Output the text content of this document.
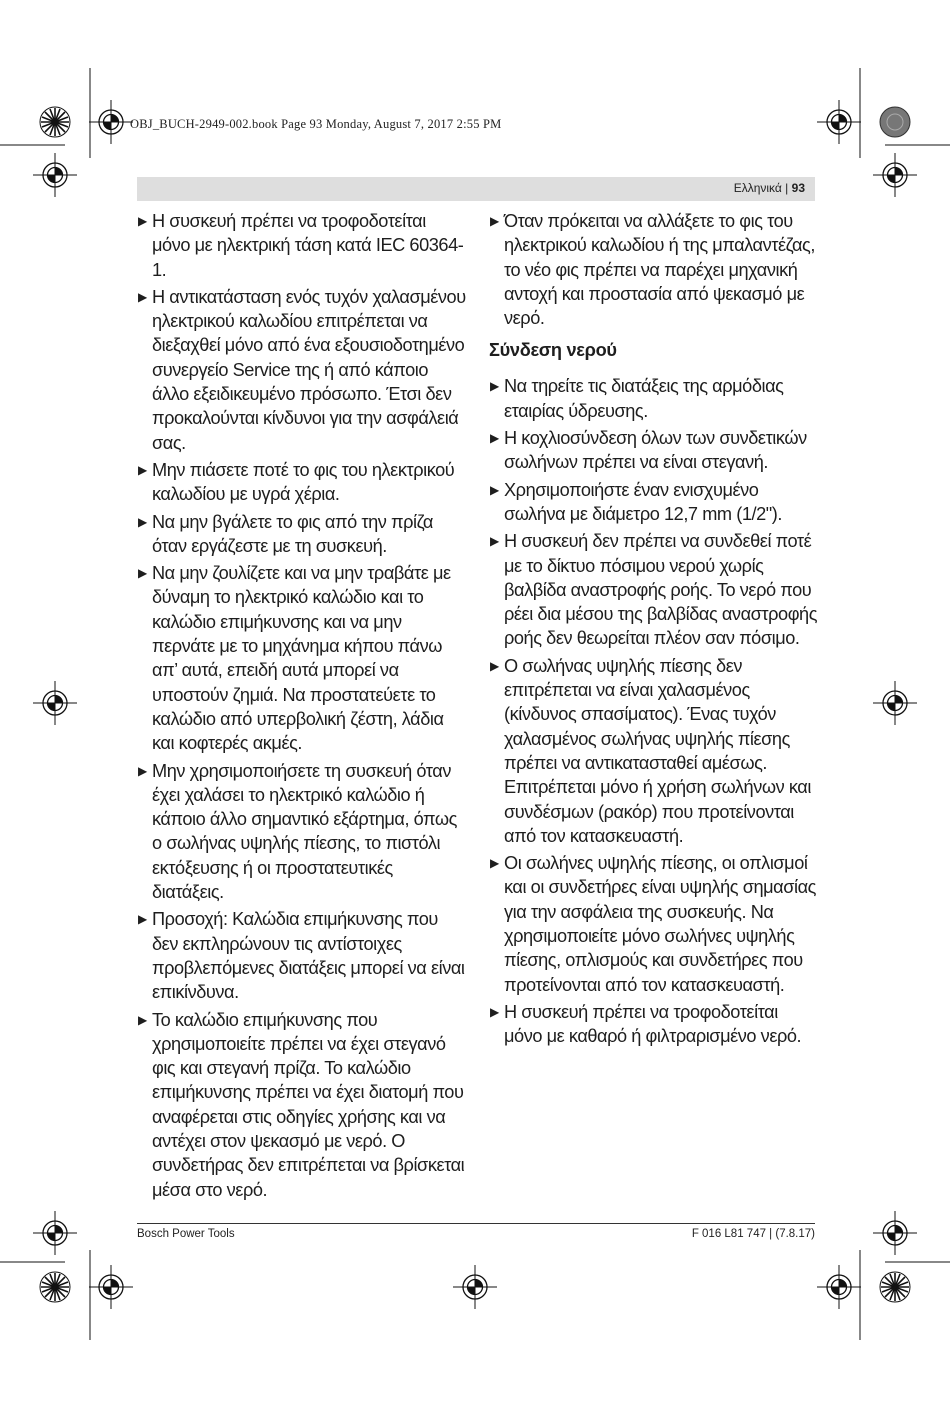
OBJ_BUCH-2949-002.book Page 93 Monday, August 7, 2017 2:55 PM
Ελληνικά | 93
▶ Η συσκευή πρέπει να τροφοδοτείται μόνο με ηλεκτρική τάση κατά IEC 60364-1.
▶ Η αντικατάσταση ενός τυχόν χαλασμένου ηλεκτρικού καλωδίου επιτρέπεται να διεξαχθεί μόνο από ένα εξουσιοδοτημένο συνεργείο Service της ή από κάποιο άλλο εξειδικευμένο πρόσωπο. Έτσι δεν προκαλούνται κίνδυνοι για την ασφάλειά σας.
▶ Μην πιάσετε ποτέ το φις του ηλεκτρικού καλωδίου με υγρά χέρια.
▶ Να μην βγάλετε το φις από την πρίζα όταν εργάζεστε με τη συσκευή.
▶ Να μην ζουλίζετε και να μην τραβάτε με δύναμη το ηλεκτρικό καλώδιο και το καλώδιο επιμήκυνσης και να μην περνάτε με το μηχάνημα κήπου πάνω απ’ αυτά, επειδή αυτά μπορεί να υποστούν ζημιά. Να προστατεύετε το καλώδιο από υπερβολική ζέστη, λάδια και κοφτερές ακμές.
▶ Μην χρησιμοποιήσετε τη συσκευή όταν έχει χαλάσει το ηλεκτρικό καλώδιο ή κάποιο άλλο σημαντικό εξάρτημα, όπως ο σωλήνας υψηλής πίεσης, το πιστόλι εκτόξευσης ή οι προστατευτικές διατάξεις.
▶ Προσοχή: Καλώδια επιμήκυνσης που δεν εκπληρώνουν τις αντίστοιχες προβλεπόμενες διατάξεις μπορεί να είναι επικίνδυνα.
▶ Το καλώδιο επιμήκυνσης που χρησιμοποιείτε πρέπει να έχει στεγανό φις και στεγανή πρίζα. Το καλώδιο επιμήκυνσης πρέπει να έχει διατομή που αναφέρεται στις οδηγίες χρήσης και να αντέχει στον ψεκασμό με νερό. Ο συνδετήρας δεν επιτρέπεται να βρίσκεται μέσα στο νερό.
▶ Όταν πρόκειται να αλλάξετε το φις του ηλεκτρικού καλωδίου ή της μπαλαντέζας, το νέο φις πρέπει να παρέχει μηχανική αντοχή και προστασία από ψεκασμό με νερό.
Σύνδεση νερού
▶ Να τηρείτε τις διατάξεις της αρμόδιας εταιρίας ύδρευσης.
▶ Η κοχλιοσύνδεση όλων των συνδετικών σωλήνων πρέπει να είναι στεγανή.
▶ Χρησιμοποιήστε έναν ενισχυμένο σωλήνα με διάμετρο 12,7 mm (1/2").
▶ Η συσκευή δεν πρέπει να συνδεθεί ποτέ με το δίκτυο πόσιμου νερού χωρίς βαλβίδα αναστροφής ροής. Το νερό που ρέει δια μέσου της βαλβίδας αναστροφής ροής δεν θεωρείται πλέον σαν πόσιμο.
▶ Ο σωλήνας υψηλής πίεσης δεν επιτρέπεται να είναι χαλασμένος (κίνδυνος σπασίματος). Ένας τυχόν χαλασμένος σωλήνας υψηλής πίεσης πρέπει να αντικατασταθεί αμέσως. Επιτρέπεται μόνο ή χρήση σωλήνων και συνδέσμων (ρακόρ) που προτείνονται από τον κατασκευαστή.
▶ Οι σωλήνες υψηλής πίεσης, οι οπλισμοί και οι συνδετήρες είναι υψηλής σημασίας για την ασφάλεια της συσκευής. Να χρησιμοποιείτε μόνο σωλήνες υψηλής πίεσης, οπλισμούς και συνδετήρες που προτείνονται από τον κατασκευαστή.
▶ Η συσκευή πρέπει να τροφοδοτείται μόνο με καθαρό ή φιλτραρισμένο νερό.
Bosch Power Tools	F 016 L81 747 | (7.8.17)
